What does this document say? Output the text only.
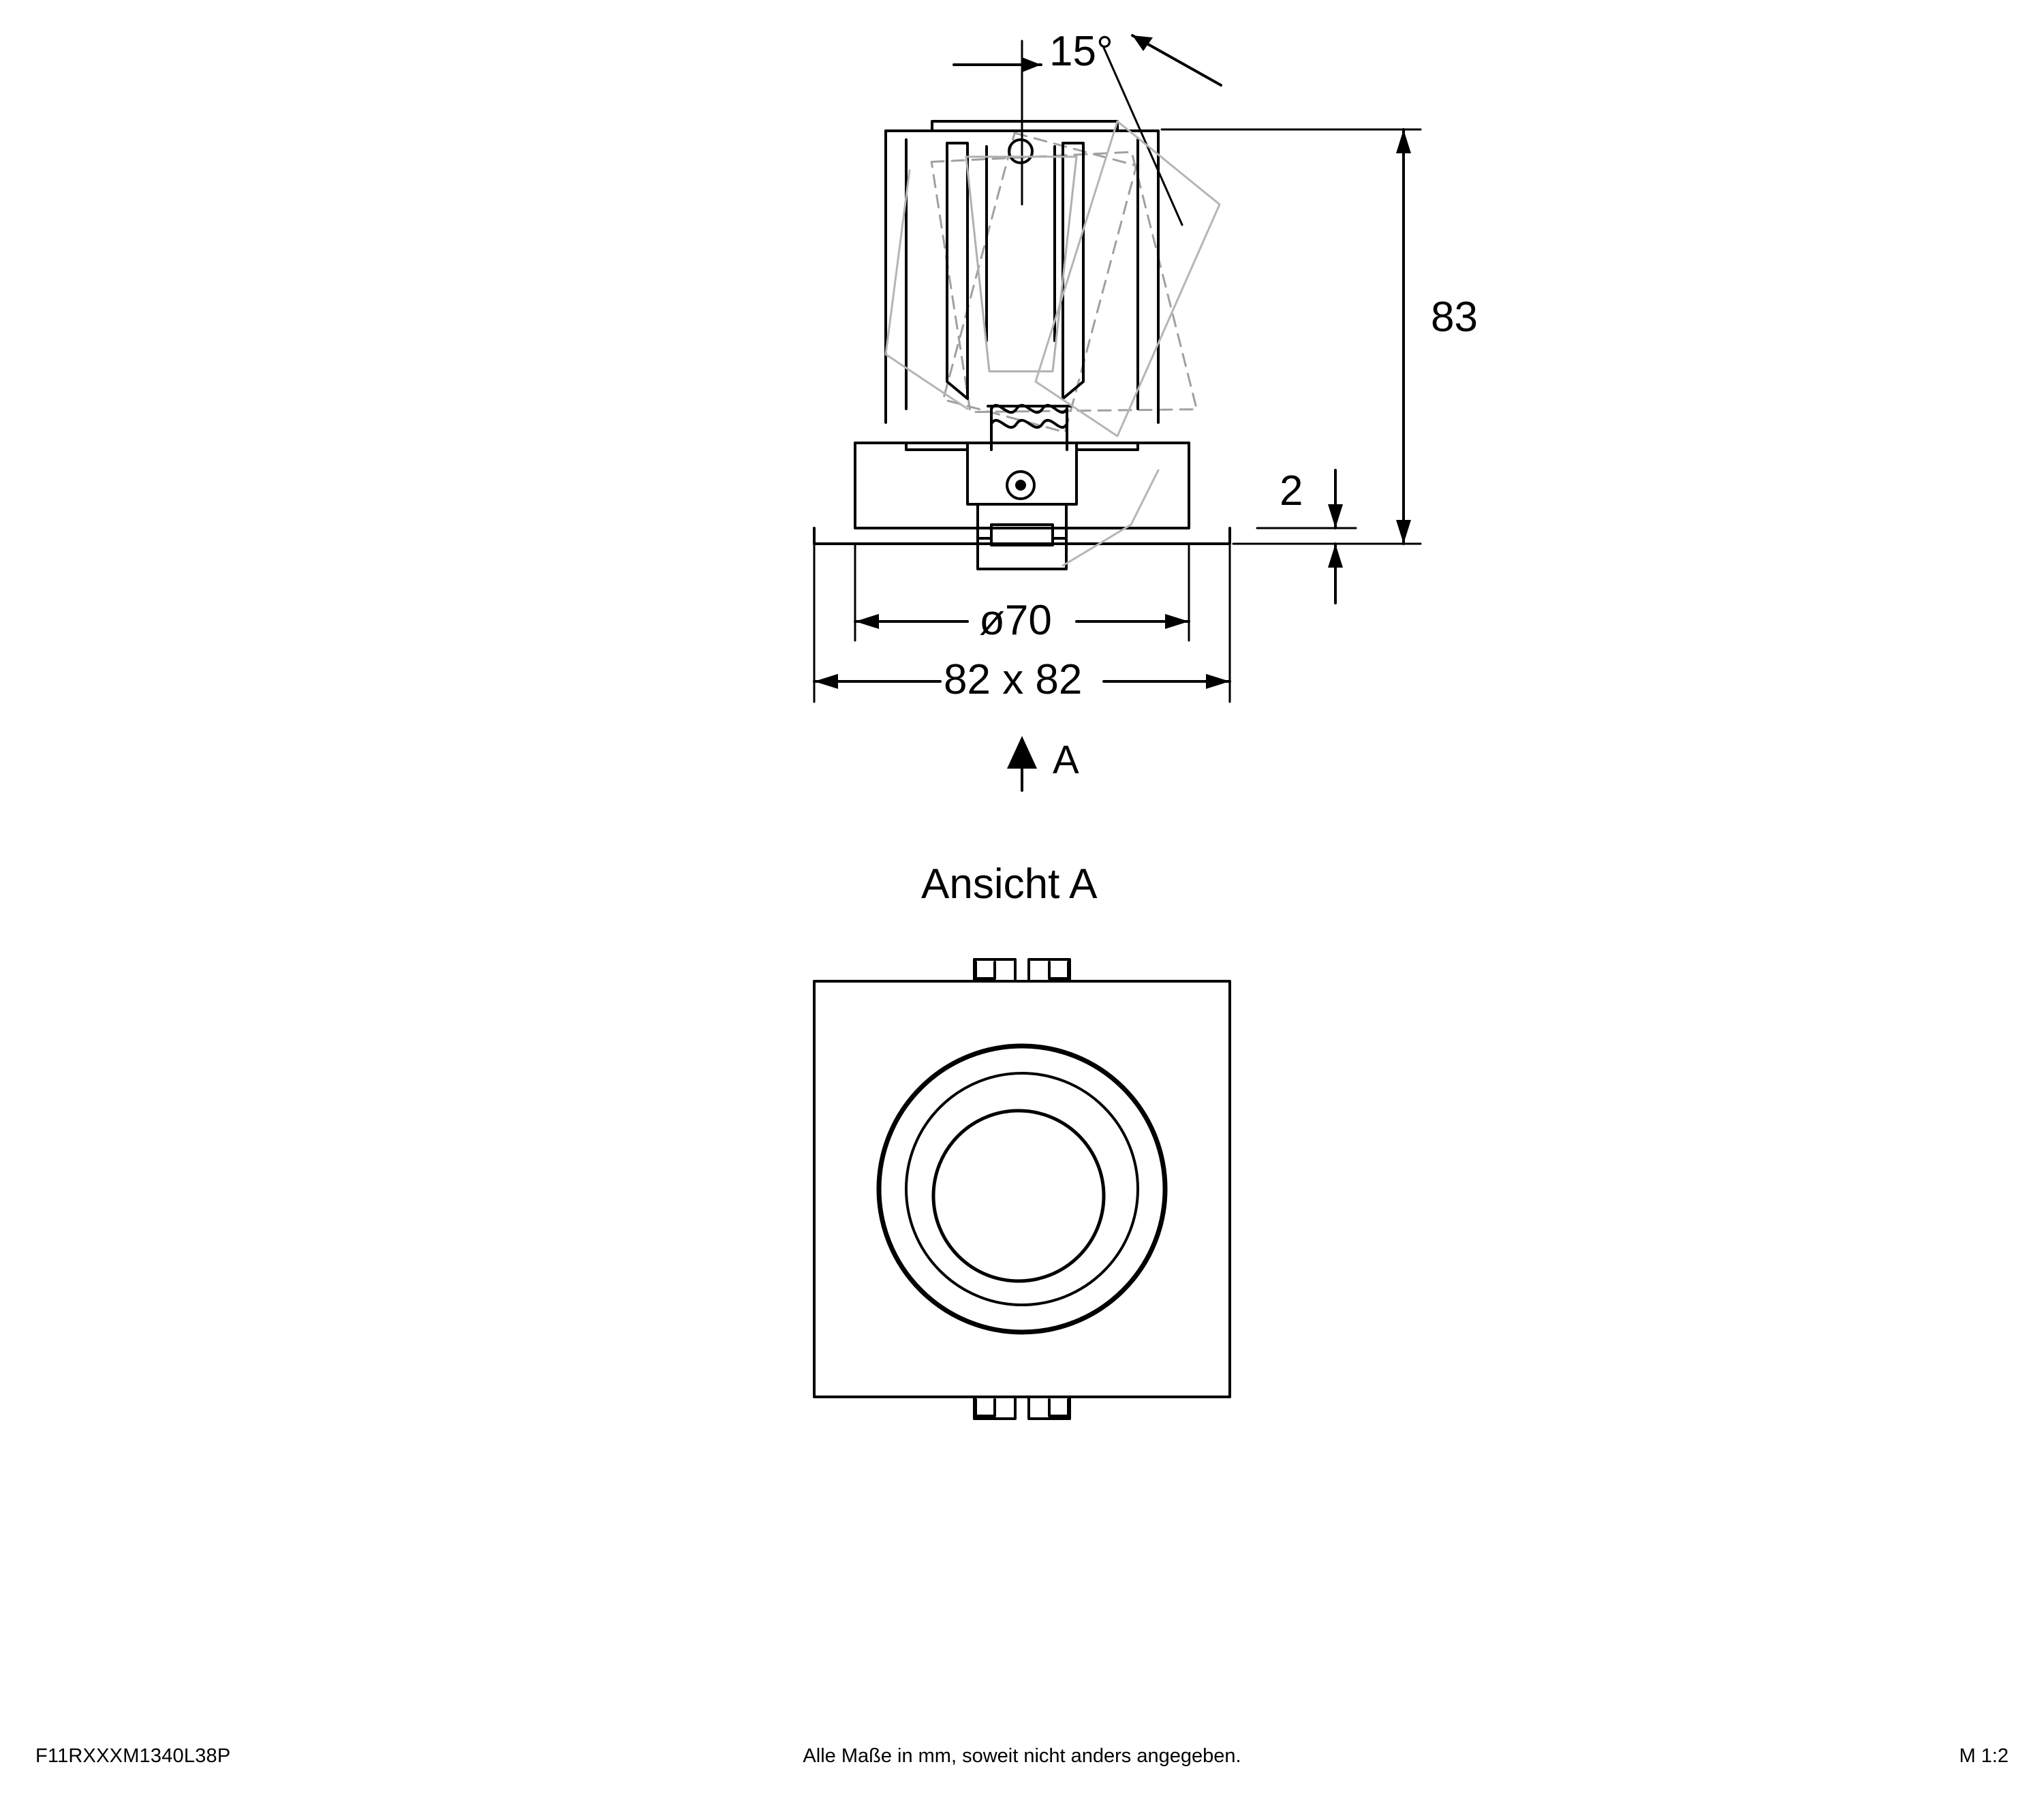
15°
83
2
ø70
82 x 82
A
Ansicht A
F11RXXXM1340L38P	Alle Maße in mm, soweit nicht anders angegeben.	M 1:2
